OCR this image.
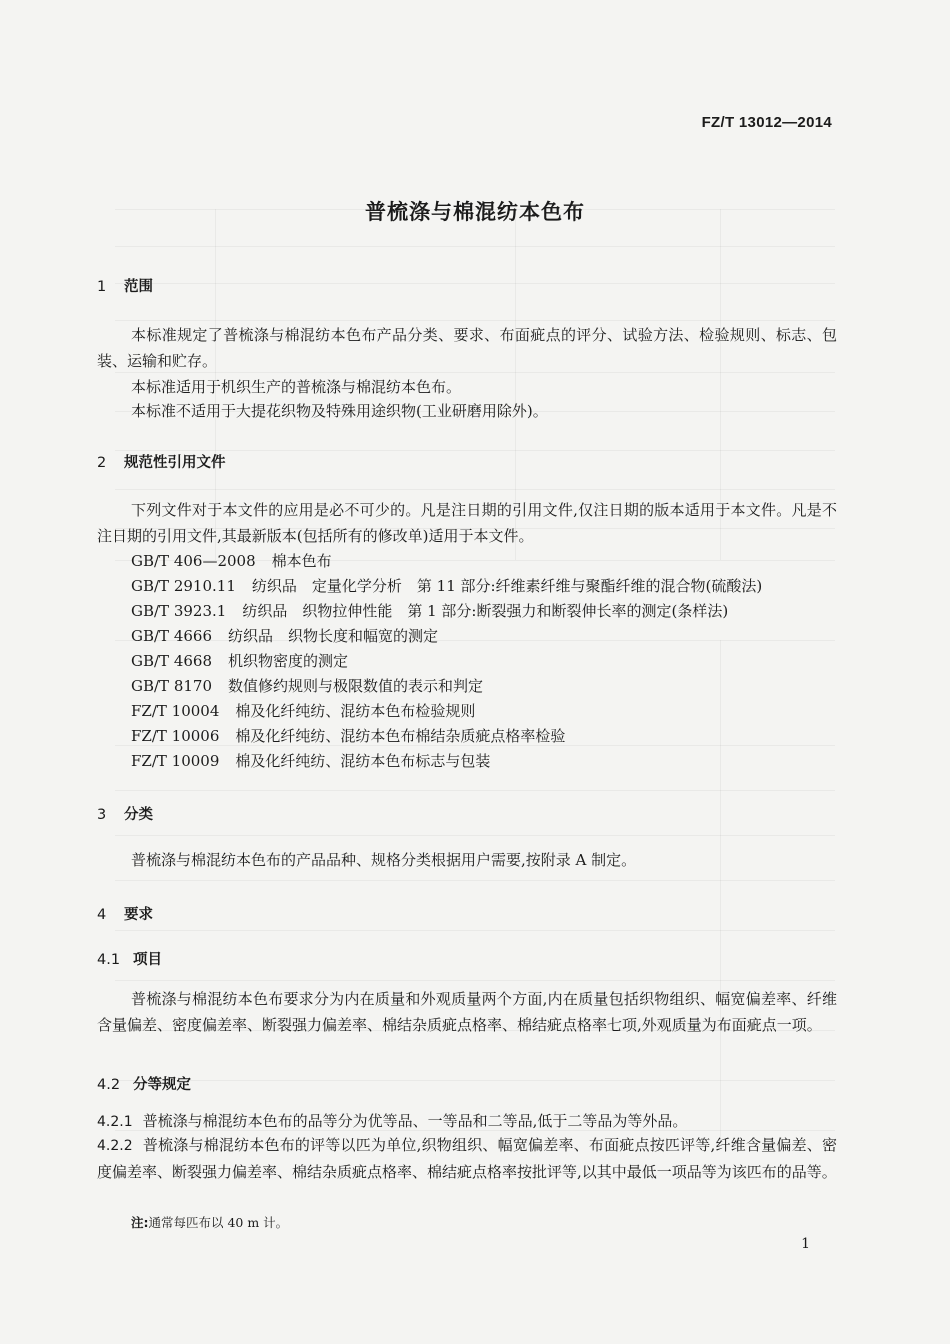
FZ/T 13012—2014
普梳涤与棉混纺本色布
1 范围
本标准规定了普梳涤与棉混纺本色布产品分类、要求、布面疵点的评分、试验方法、检验规则、标志、包装、运输和贮存。
本标准适用于机织生产的普梳涤与棉混纺本色布。
本标准不适用于大提花织物及特殊用途织物(工业研磨用除外)。
2 规范性引用文件
下列文件对于本文件的应用是必不可少的。凡是注日期的引用文件,仅注日期的版本适用于本文件。凡是不注日期的引用文件,其最新版本(包括所有的修改单)适用于本文件。
GB/T 406—2008 棉本色布
GB/T 2910.11 纺织品　定量化学分析　第 11 部分:纤维素纤维与聚酯纤维的混合物(硫酸法)
GB/T 3923.1 纺织品　织物拉伸性能　第 1 部分:断裂强力和断裂伸长率的测定(条样法)
GB/T 4666 纺织品　织物长度和幅宽的测定
GB/T 4668 机织物密度的测定
GB/T 8170 数值修约规则与极限数值的表示和判定
FZ/T 10004 棉及化纤纯纺、混纺本色布检验规则
FZ/T 10006 棉及化纤纯纺、混纺本色布棉结杂质疵点格率检验
FZ/T 10009 棉及化纤纯纺、混纺本色布标志与包装
3 分类
普梳涤与棉混纺本色布的产品品种、规格分类根据用户需要,按附录 A 制定。
4 要求
4.1 项目
普梳涤与棉混纺本色布要求分为内在质量和外观质量两个方面,内在质量包括织物组织、幅宽偏差率、纤维含量偏差、密度偏差率、断裂强力偏差率、棉结杂质疵点格率、棉结疵点格率七项,外观质量为布面疵点一项。
4.2 分等规定
4.2.1 普梳涤与棉混纺本色布的品等分为优等品、一等品和二等品,低于二等品为等外品。
4.2.2 普梳涤与棉混纺本色布的评等以匹为单位,织物组织、幅宽偏差率、布面疵点按匹评等,纤维含量偏差、密度偏差率、断裂强力偏差率、棉结杂质疵点格率、棉结疵点格率按批评等,以其中最低一项品等为该匹布的品等。
注:通常每匹布以 40 m 计。
1
